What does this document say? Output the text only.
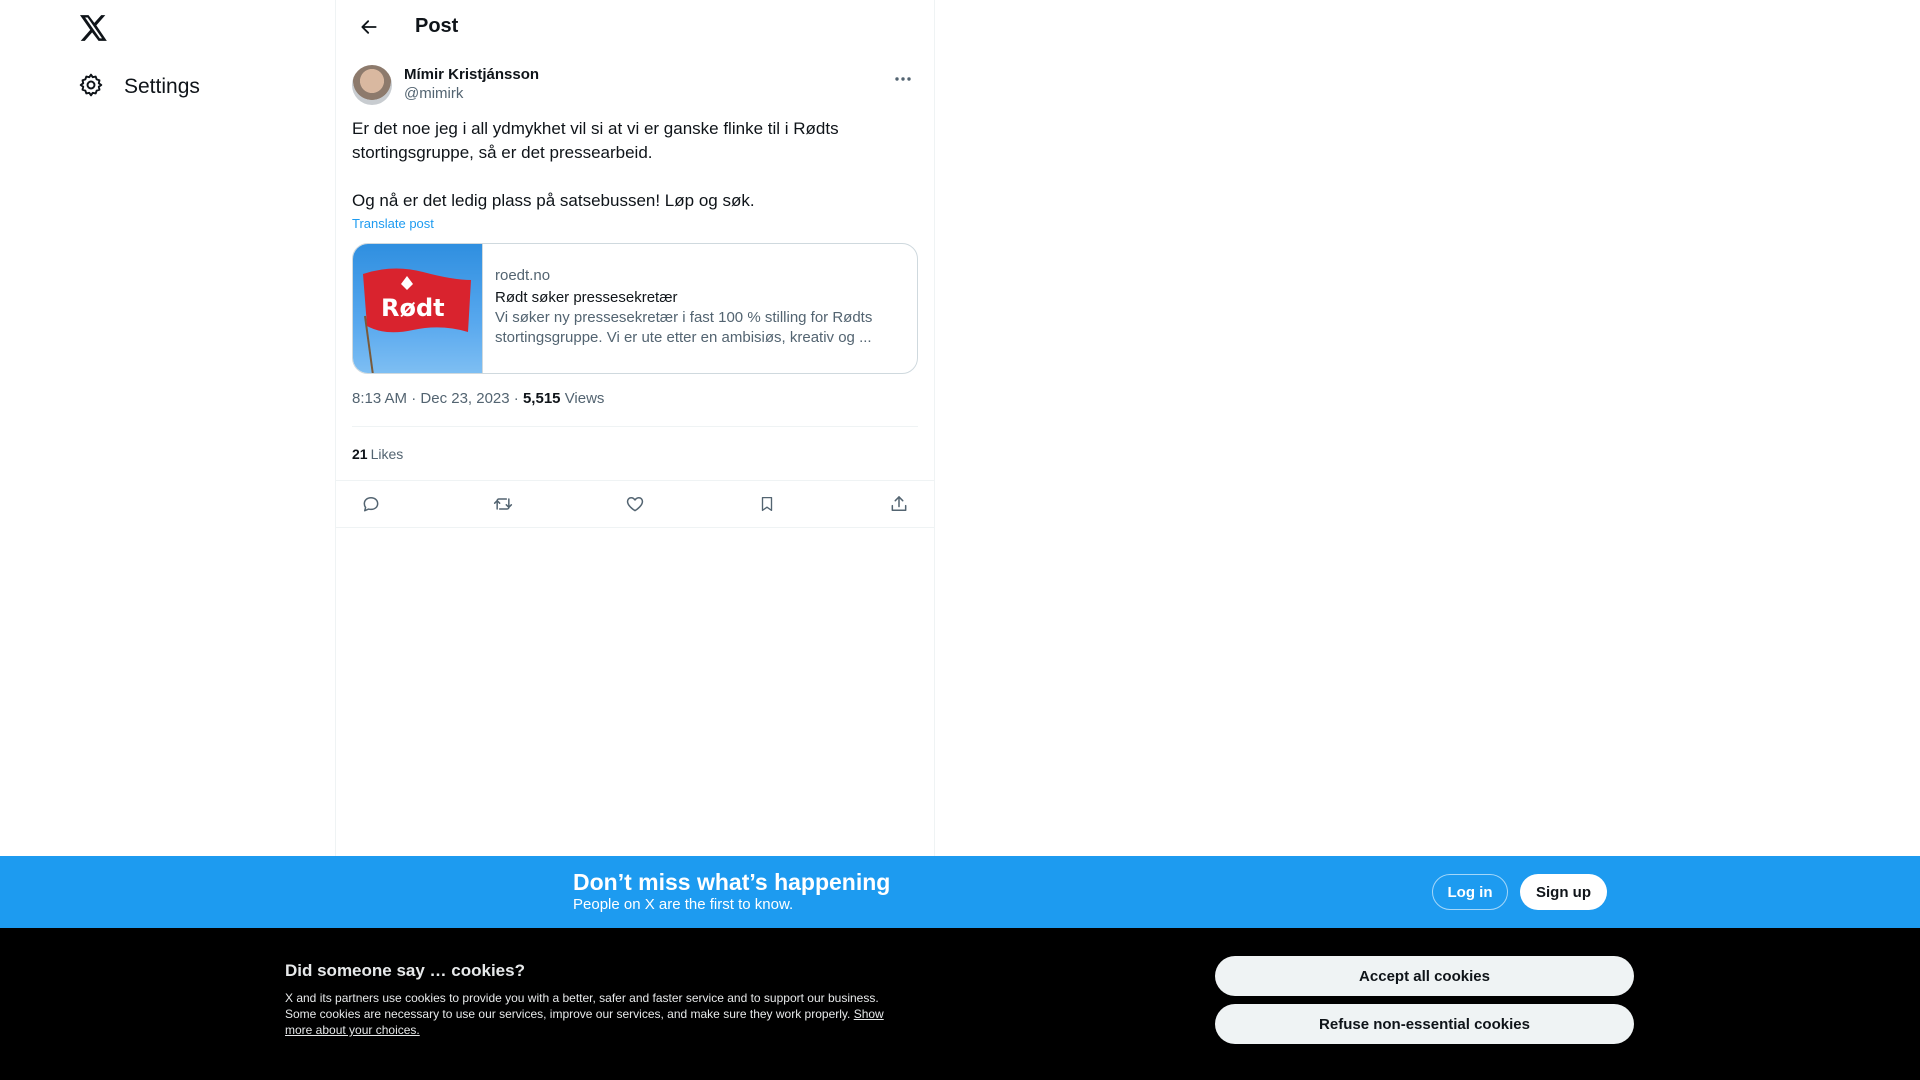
Settings
Post
Mímir Kristjánsson
@mimirk

Er det noe jeg i all ydmykhet vil si at vi er ganske flinke til i Rødts stortingsgruppe, så er det pressearbeid.

Og nå er det ledig plass på satsebussen! Løp og søk.

Translate post
Rødt
roedt.no
Rødt søker pressesekretær
Vi søker ny pressesekretær i fast 100 % stilling for Rødts stortingsgruppe. Vi er ute etter en ambisiøs, kreativ og ...
8:13 AM · Dec 23, 2023 · 5,515 Views
21 Likes
Don’t miss what’s happening
People on X are the first to know.
Log in	Sign up
Did someone say … cookies?
X and its partners use cookies to provide you with a better, safer and faster service and to support our business. Some cookies are necessary to use our services, improve our services, and make sure they work properly. Show more about your choices.
Accept all cookies
Refuse non-essential cookies
